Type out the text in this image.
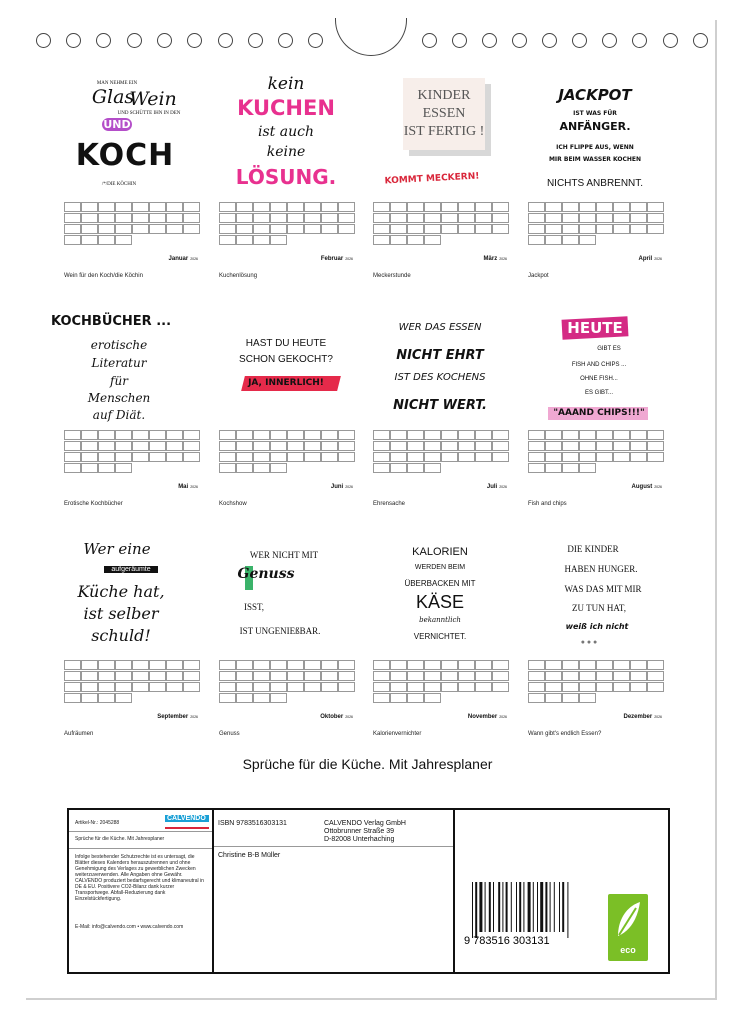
MAN NEHME EIN
Glas
Wein
UND SCHÜTTE IHN IN DEN
UND
KOCH
/*/DIE KÖCHIN
Januar 2026
Wein für den Koch/die Köchin
kein
KUCHEN
ist auch
keine
LÖSUNG.
Februar 2026
Kuchenlösung
KINDER
ESSEN
IST FERTIG !
KOMMT MECKERN!
März 2026
Meckerstunde
JACKPOT
IST WAS FÜR
ANFÄNGER.
ICH FLIPPE AUS, WENN
MIR BEIM WASSER KOCHEN
NICHTS ANBRENNT.
April 2026
Jackpot
KOCHBÜCHER ...
erotische
Literatur
für
Menschen
auf Diät.
Mai 2026
Erotische Kochbücher
HAST DU HEUTE
SCHON GEKOCHT?
JA, INNERLICH!
Juni 2026
Kochshow
WER DAS ESSEN
NICHT EHRT
IST DES KOCHENS
NICHT WERT.
Juli 2026
Ehrensache
HEUTE
GIBT ES
FISH AND CHIPS ...
OHNE FISH...
ES GIBT...
"AAAND CHIPS!!!"
August 2026
Fish and chips
Wer eine
aufgeräumte
Küche hat,
ist selber
schuld!
September 2026
Aufräumen
WER NICHT MIT
Genuss
ISST,
IST UNGENIEßBAR.
Oktober 2026
Genuss
KALORIEN
WERDEN BEIM
ÜBERBACKEN MIT
KÄSE
bekanntlich
VERNICHTET.
November 2026
Kalorienvernichter
DIE KINDER
HABEN HUNGER.
WAS DAS MIT MIR
ZU TUN HAT,
weiß ich nicht
● ● ●
Dezember 2026
Wann gibt's endlich Essen?
Sprüche für die Küche. Mit Jahresplaner
Artikel-Nr.: 2045288
CALVENDO
Sprüche für die Küche. Mit Jahresplaner
Infolge bestehender Schutzrechte ist es untersagt, die Blätter dieses Kalenders herauszutrennen und ohne Genehmigung des Verlages zu gewerblichen Zwecken weiterzuverwenden. Alle Angaben ohne Gewähr. CALVENDO produziert bedarfsgerecht und klimaneutral in DE & EU. Positivere CO2-Bilanz dank kurzer Transportwege. Abfall-Reduzierung dank Einzelstückfertigung.
E-Mail: info@calvendo.com • www.calvendo.com
ISBN 9783516303131
Christine B-B Müller
CALVENDO Verlag GmbH
Ottobrunner Straße 39
D-82008 Unterhaching
9 783516 303131
eco
